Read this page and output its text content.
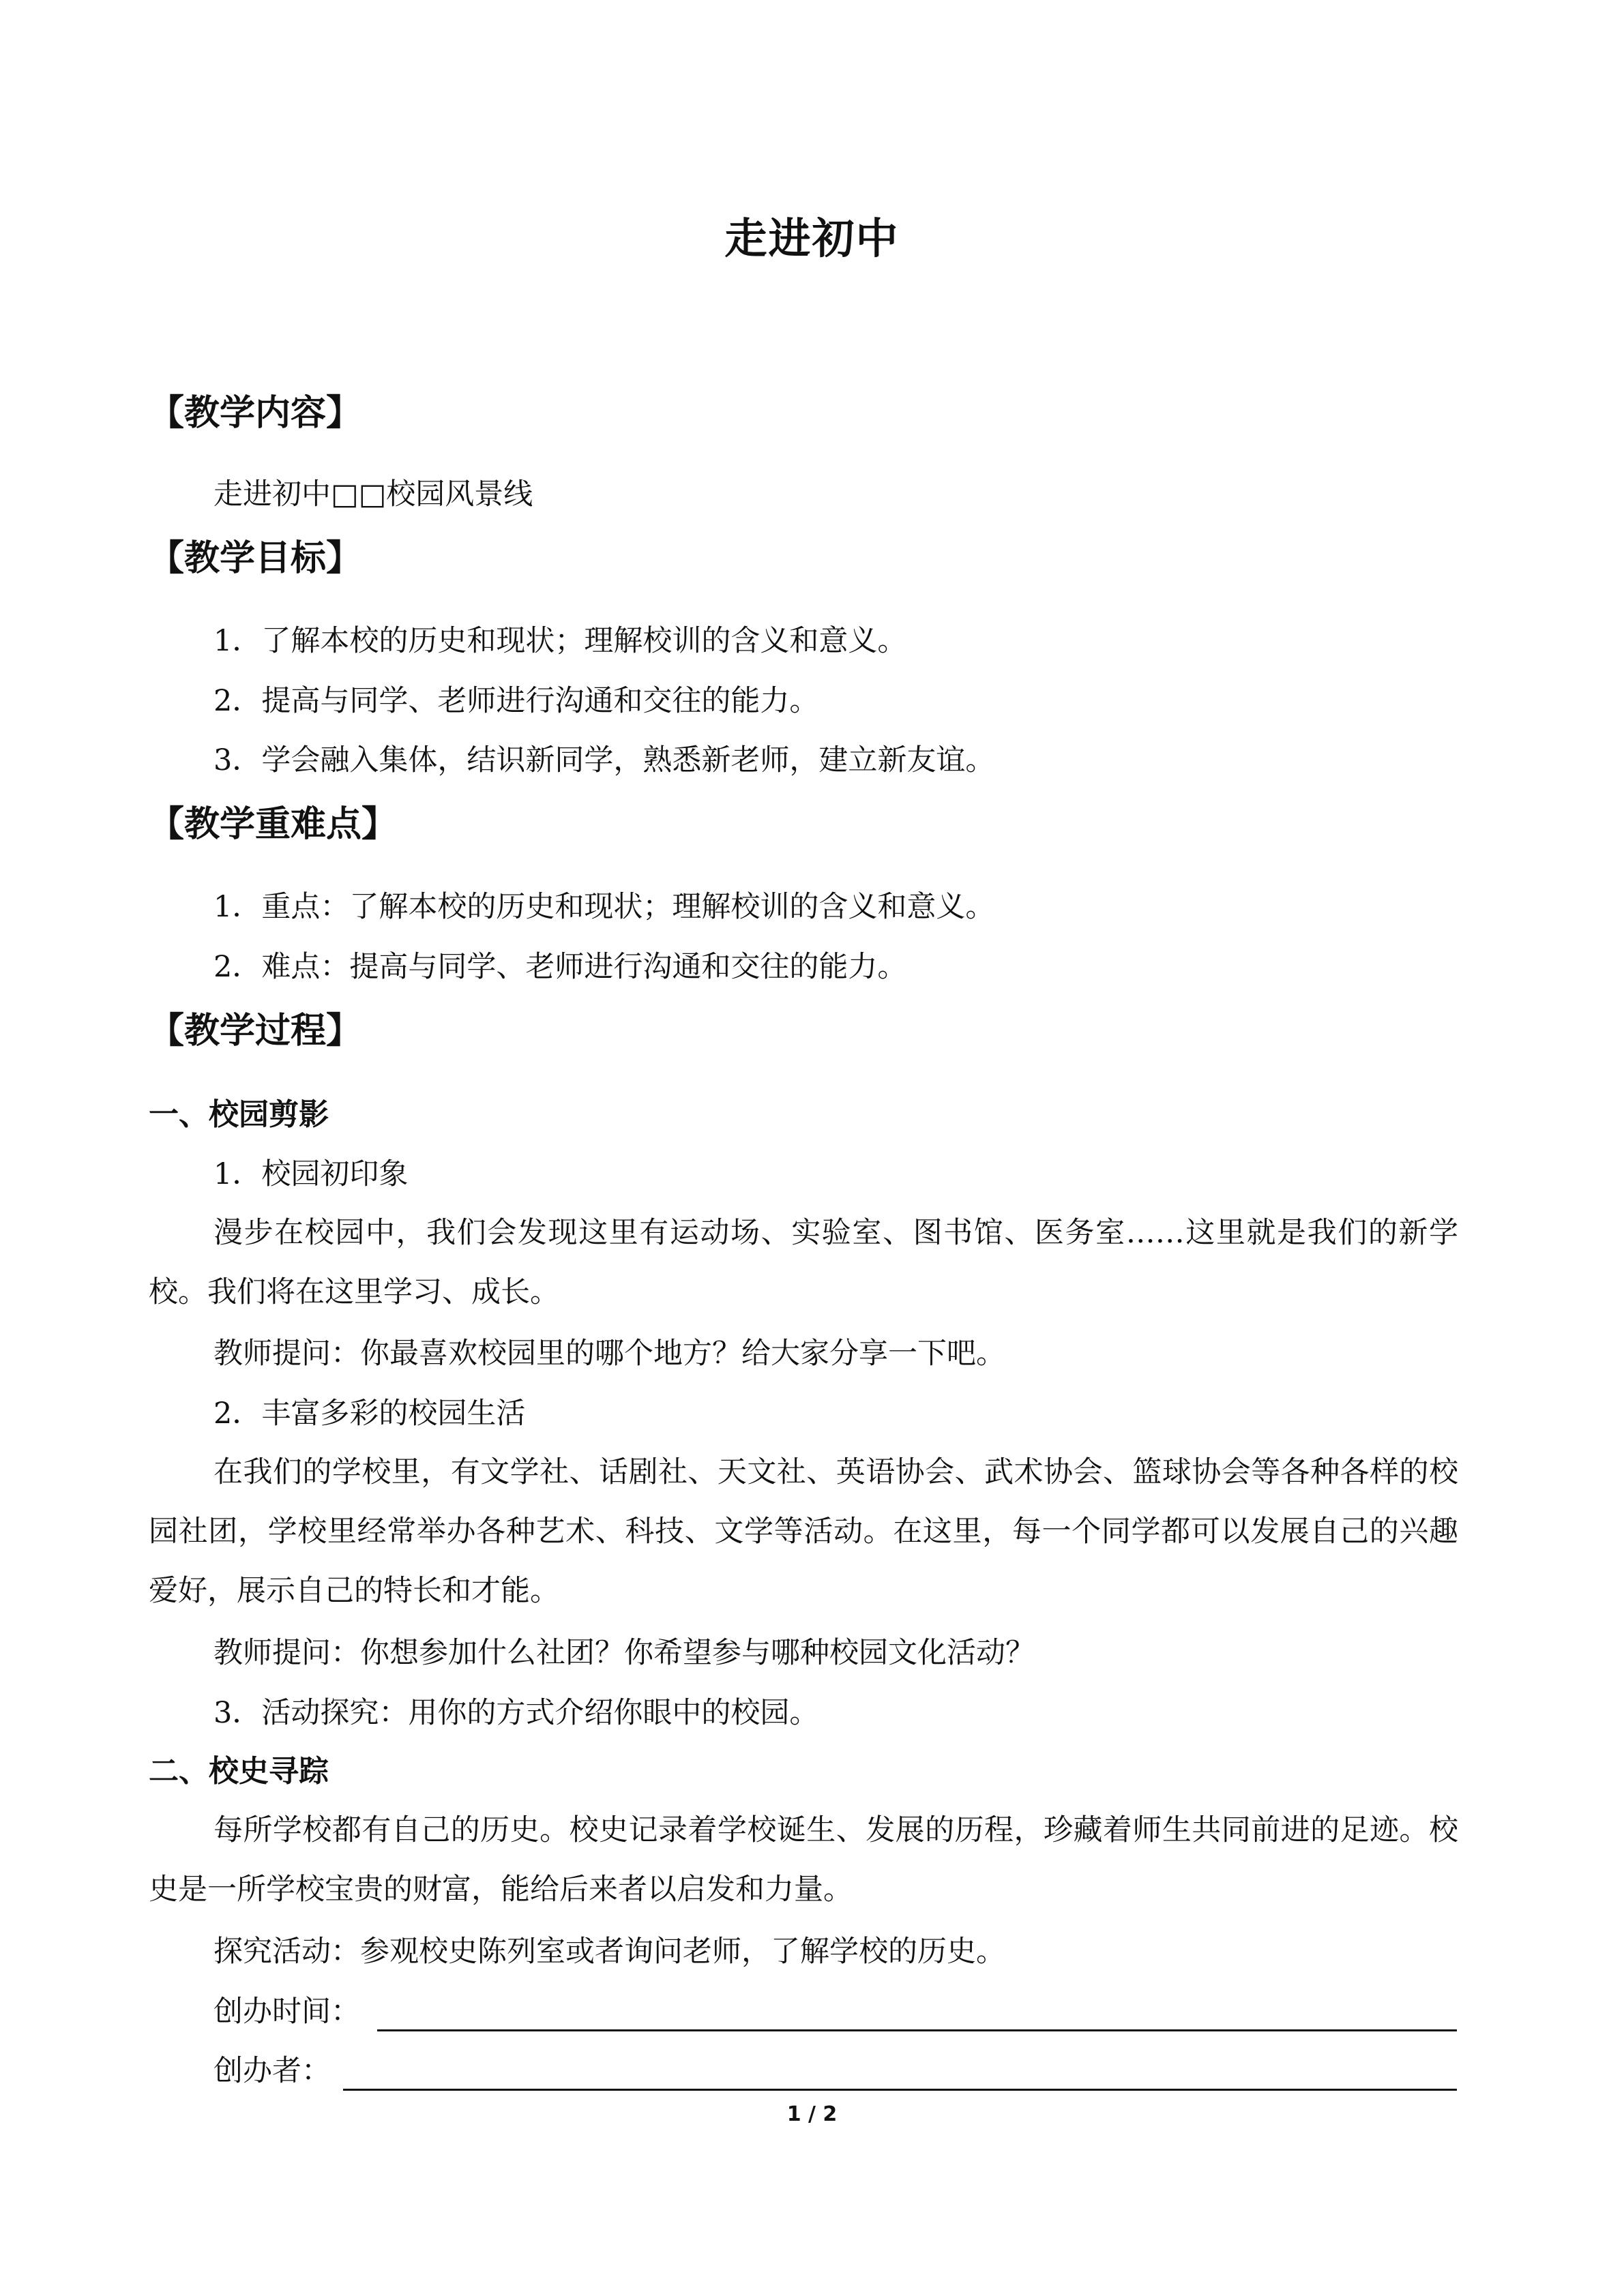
走进初中
【教学内容】
走进初中□□校园风景线
【教学目标】
1．了解本校的历史和现状；理解校训的含义和意义。
2．提高与同学、老师进行沟通和交往的能力。
3．学会融入集体，结识新同学，熟悉新老师，建立新友谊。
【教学重难点】
1．重点：了解本校的历史和现状；理解校训的含义和意义。
2．难点：提高与同学、老师进行沟通和交往的能力。
【教学过程】
一、校园剪影
1．校园初印象
漫步在校园中，我们会发现这里有运动场、实验室、图书馆、医务室……这里就是我们的新学校。我们将在这里学习、成长。
教师提问：你最喜欢校园里的哪个地方？给大家分享一下吧。
2．丰富多彩的校园生活
在我们的学校里，有文学社、话剧社、天文社、英语协会、武术协会、篮球协会等各种各样的校园社团，学校里经常举办各种艺术、科技、文学等活动。在这里，每一个同学都可以发展自己的兴趣爱好，展示自己的特长和才能。
教师提问：你想参加什么社团？你希望参与哪种校园文化活动？
3．活动探究：用你的方式介绍你眼中的校园。
二、校史寻踪
每所学校都有自己的历史。校史记录着学校诞生、发展的历程，珍藏着师生共同前进的足迹。校史是一所学校宝贵的财富，能给后来者以启发和力量。
探究活动：参观校史陈列室或者询问老师，了解学校的历史。
创办时间：
创办者：
1 / 2
